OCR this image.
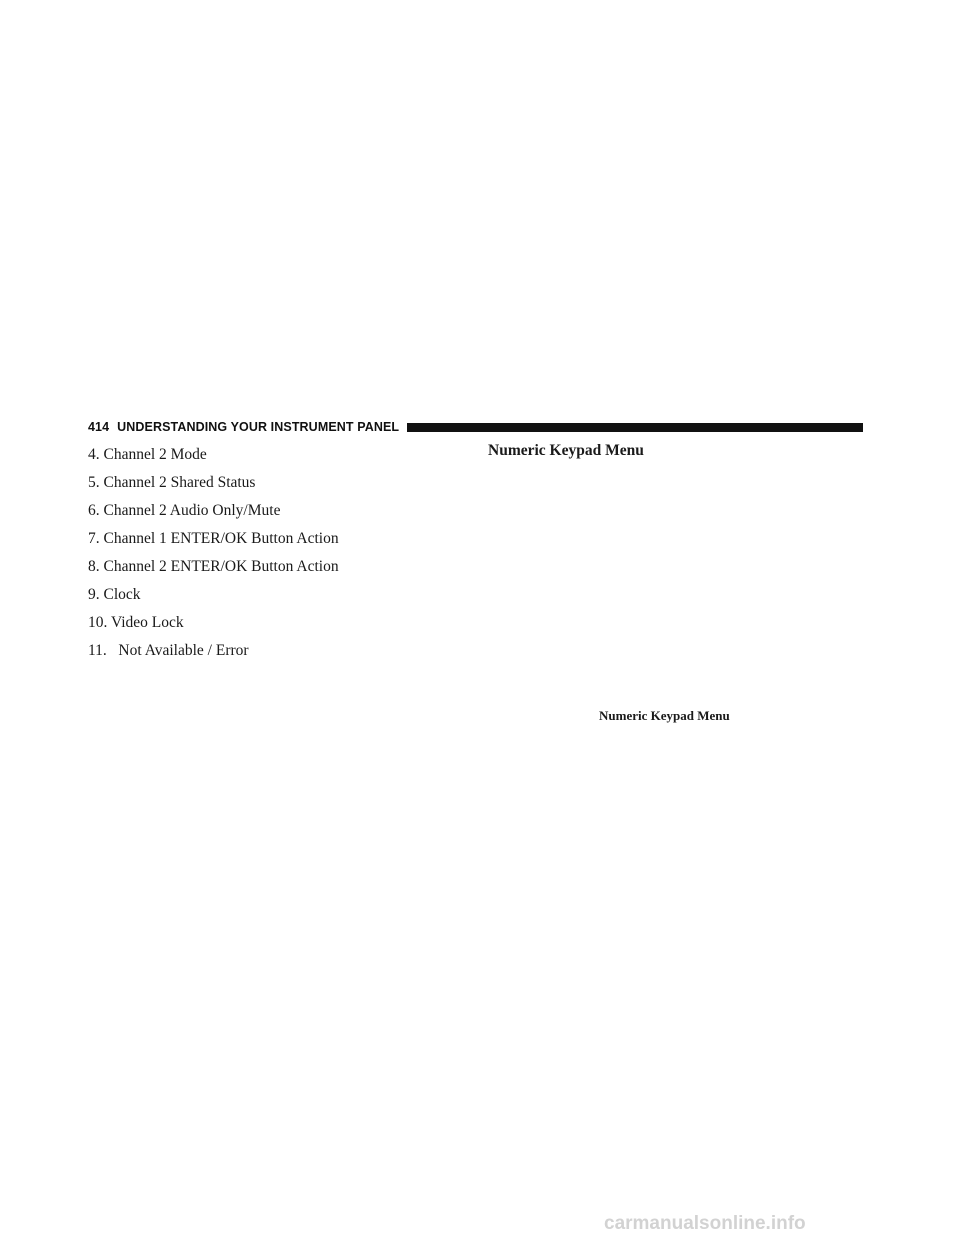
414 UNDERSTANDING YOUR INSTRUMENT PANEL
4. Channel 2 Mode
5. Channel 2 Shared Status
6. Channel 2 Audio Only/Mute
7. Channel 1 ENTER/OK Button Action
8. Channel 2 ENTER/OK Button Action
9. Clock
10. Video Lock
11.   Not Available / Error
Numeric Keypad Menu
Numeric Keypad Menu
carmanualsonline.info
